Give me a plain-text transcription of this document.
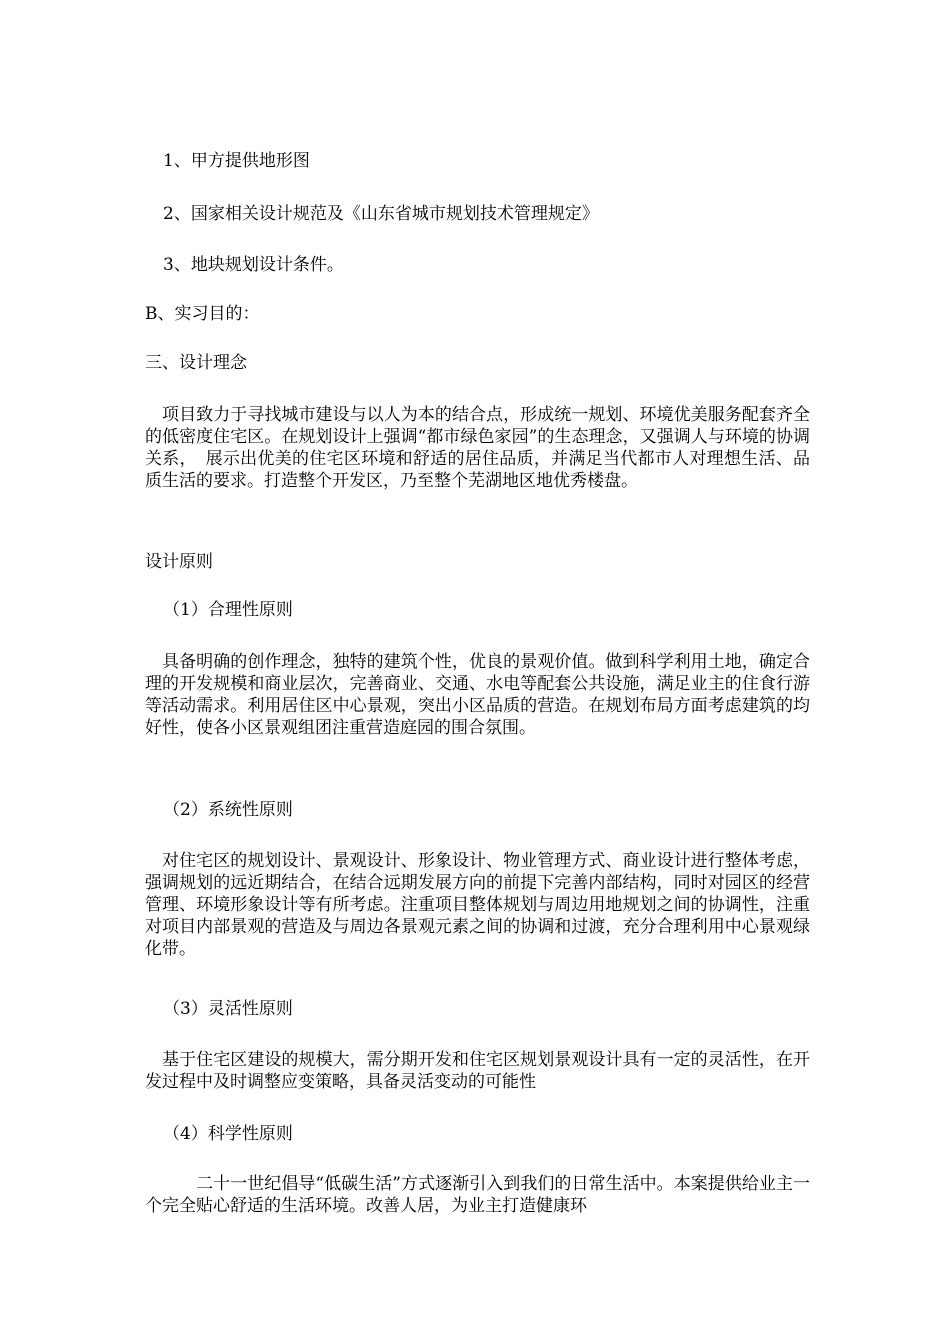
1、甲方提供地形图
2、国家相关设计规范及《山东省城市规划技术管理规定》
3、地块规划设计条件。
B、实习目的：
三、设计理念
　项目致力于寻找城市建设与以人为本的结合点，形成统一规划、环境优美服务配套齐全的低密度住宅区。在规划设计上强调“都市绿色家园”的生态理念，又强调人与环境的协调关系，　展示出优美的住宅区环境和舒适的居住品质，并满足当代都市人对理想生活、品质生活的要求。打造整个开发区，乃至整个芜湖地区地优秀楼盘。
设计原则
（1）合理性原则
　具备明确的创作理念，独特的建筑个性，优良的景观价值。做到科学利用土地，确定合理的开发规模和商业层次，完善商业、交通、水电等配套公共设施，满足业主的住食行游等活动需求。利用居住区中心景观，突出小区品质的营造。在规划布局方面考虑建筑的均好性，使各小区景观组团注重营造庭园的围合氛围。
（2）系统性原则
　对住宅区的规划设计、景观设计、形象设计、物业管理方式、商业设计进行整体考虑，强调规划的远近期结合，在结合远期发展方向的前提下完善内部结构，同时对园区的经营管理、环境形象设计等有所考虑。注重项目整体规划与周边用地规划之间的协调性，注重对项目内部景观的营造及与周边各景观元素之间的协调和过渡，充分合理利用中心景观绿化带。
（3）灵活性原则
　基于住宅区建设的规模大，需分期开发和住宅区规划景观设计具有一定的灵活性，在开发过程中及时调整应变策略，具备灵活变动的可能性
（4）科学性原则
　　　二十一世纪倡导“低碳生活”方式逐渐引入到我们的日常生活中。本案提供给业主一个完全贴心舒适的生活环境。改善人居，为业主打造健康环
